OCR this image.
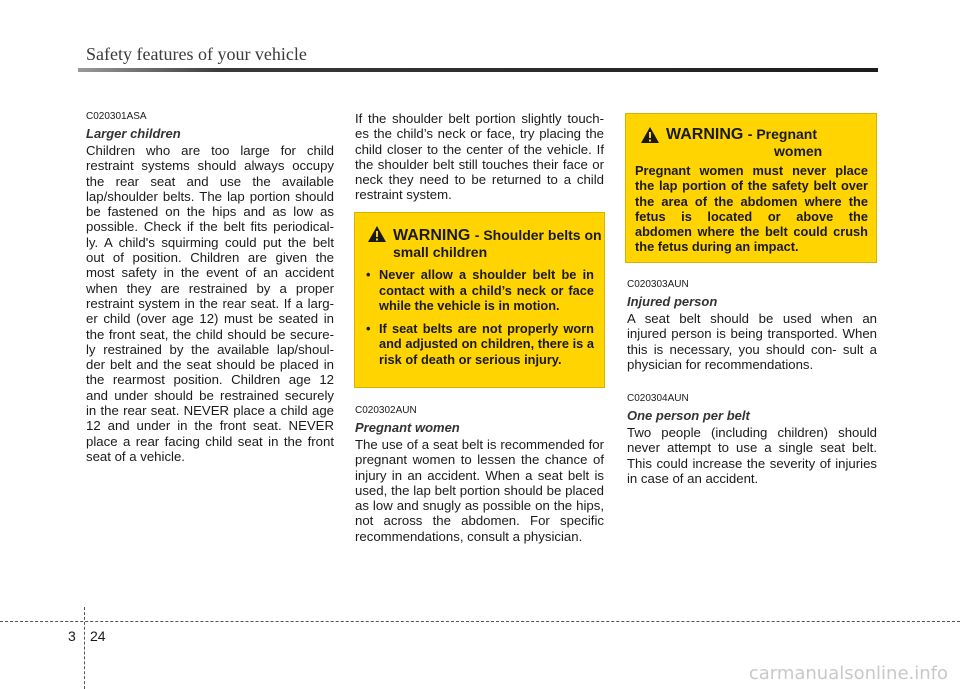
Safety features of your vehicle

C020301ASA

Larger children

Children who are too large for child restraint systems should always occupy the rear seat and use the available lap/shoulder belts. The lap portion should be fastened on the hips and as low as possible. Check if the belt fits periodical- ly. A child's squirming could put the belt out of position. Children are given the most safety in the event of an accident when they are restrained by a proper restraint system in the rear seat. If a larg- er child (over age 12) must be seated in the front seat, the child should be secure- ly restrained by the available lap/shoul- der belt and the seat should be placed in the rearmost position. Children age 12 and under should be restrained securely in the rear seat. NEVER place a child age 12 and under in the front seat. NEVER place a rear facing child seat in the front seat of a vehicle.

If the shoulder belt portion slightly touch- es the child’s neck or face, try placing the child closer to the center of the vehicle. If the shoulder belt still touches their face or neck they need to be returned to a child restraint system.

WARNING - Shoulder belts on small children
• Never allow a shoulder belt be in contact with a child’s neck or face while the vehicle is in motion.
• If seat belts are not properly worn and adjusted on children, there is a risk of death or serious injury.

C020302AUN

Pregnant women

The use of a seat belt is recommended for pregnant women to lessen the chance of injury in an accident. When a seat belt is used, the lap belt portion should be placed as low and snugly as possible on the hips, not across the abdomen. For specific recommendations, consult a physician.

WARNING - Pregnant
women

Pregnant women must never place the lap portion of the safety belt over the area of the abdomen where the fetus is located or above the abdomen where the belt could crush the fetus during an impact.

C020303AUN

Injured person

A seat belt should be used when an injured person is being transported. When this is necessary, you should con- sult a physician for recommendations.

C020304AUN

One person per belt

Two people (including children) should never attempt to use a single seat belt. This could increase the severity of injuries in case of an accident.

3 24
carmanualsonline.info
